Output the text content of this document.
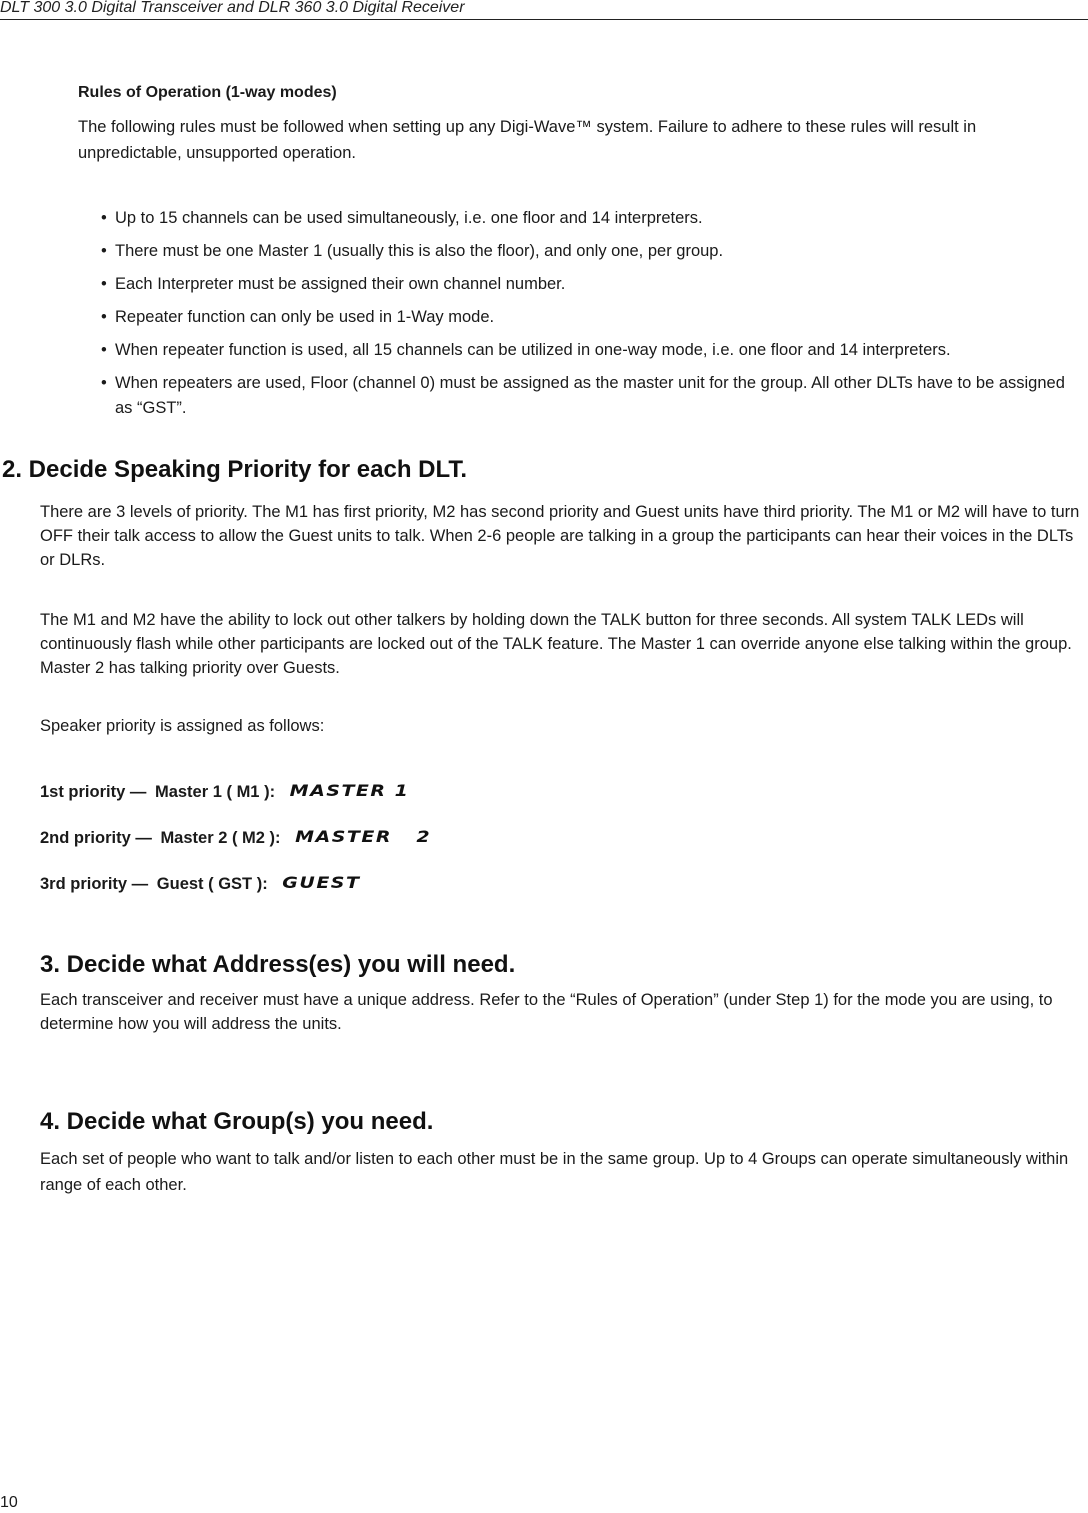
DLT 300 3.0 Digital Transceiver and DLR 360 3.0 Digital Receiver
Rules of Operation (1-way modes)
The following rules must be followed when setting up any Digi-Wave™ system. Failure to adhere to these rules will result in unpredictable, unsupported operation.
• Up to 15 channels can be used simultaneously, i.e. one floor and 14 interpreters.
• There must be one Master 1 (usually this is also the floor), and only one, per group.
• Each Interpreter must be assigned their own channel number.
• Repeater function can only be used in 1-Way mode.
• When repeater function is used, all 15 channels can be utilized in one-way mode, i.e. one floor and 14 interpreters.
• When repeaters are used, Floor (channel 0) must be assigned as the master unit for the group. All other DLTs have to be assigned as “GST”.
2. Decide Speaking Priority for each DLT.
There are 3 levels of priority. The M1 has first priority, M2 has second priority and Guest units have third priority. The M1 or M2 will have to turn OFF their talk access to allow the Guest units to talk. When 2-6 people are talking in a group the participants can hear their voices in the DLTs or DLRs.
The M1 and M2 have the ability to lock out other talkers by holding down the TALK button for three seconds. All system TALK LEDs will continuously flash while other participants are locked out of the TALK feature. The Master 1 can override anyone else talking within the group. Master 2 has talking priority over Guests.
Speaker priority is assigned as follows:
1st priority — Master 1 ( M1 ): MASTER 1
2nd priority — Master 2 ( M2 ): MASTER   2
3rd priority — Guest ( GST ): GUEST
3. Decide what Address(es) you will need.
Each transceiver and receiver must have a unique address. Refer to the “Rules of Operation” (under Step 1) for the mode you are using, to determine how you will address the units.
4. Decide what Group(s) you need.
Each set of people who want to talk and/or listen to each other must be in the same group. Up to 4 Groups can operate simultaneously within range of each other.
10
